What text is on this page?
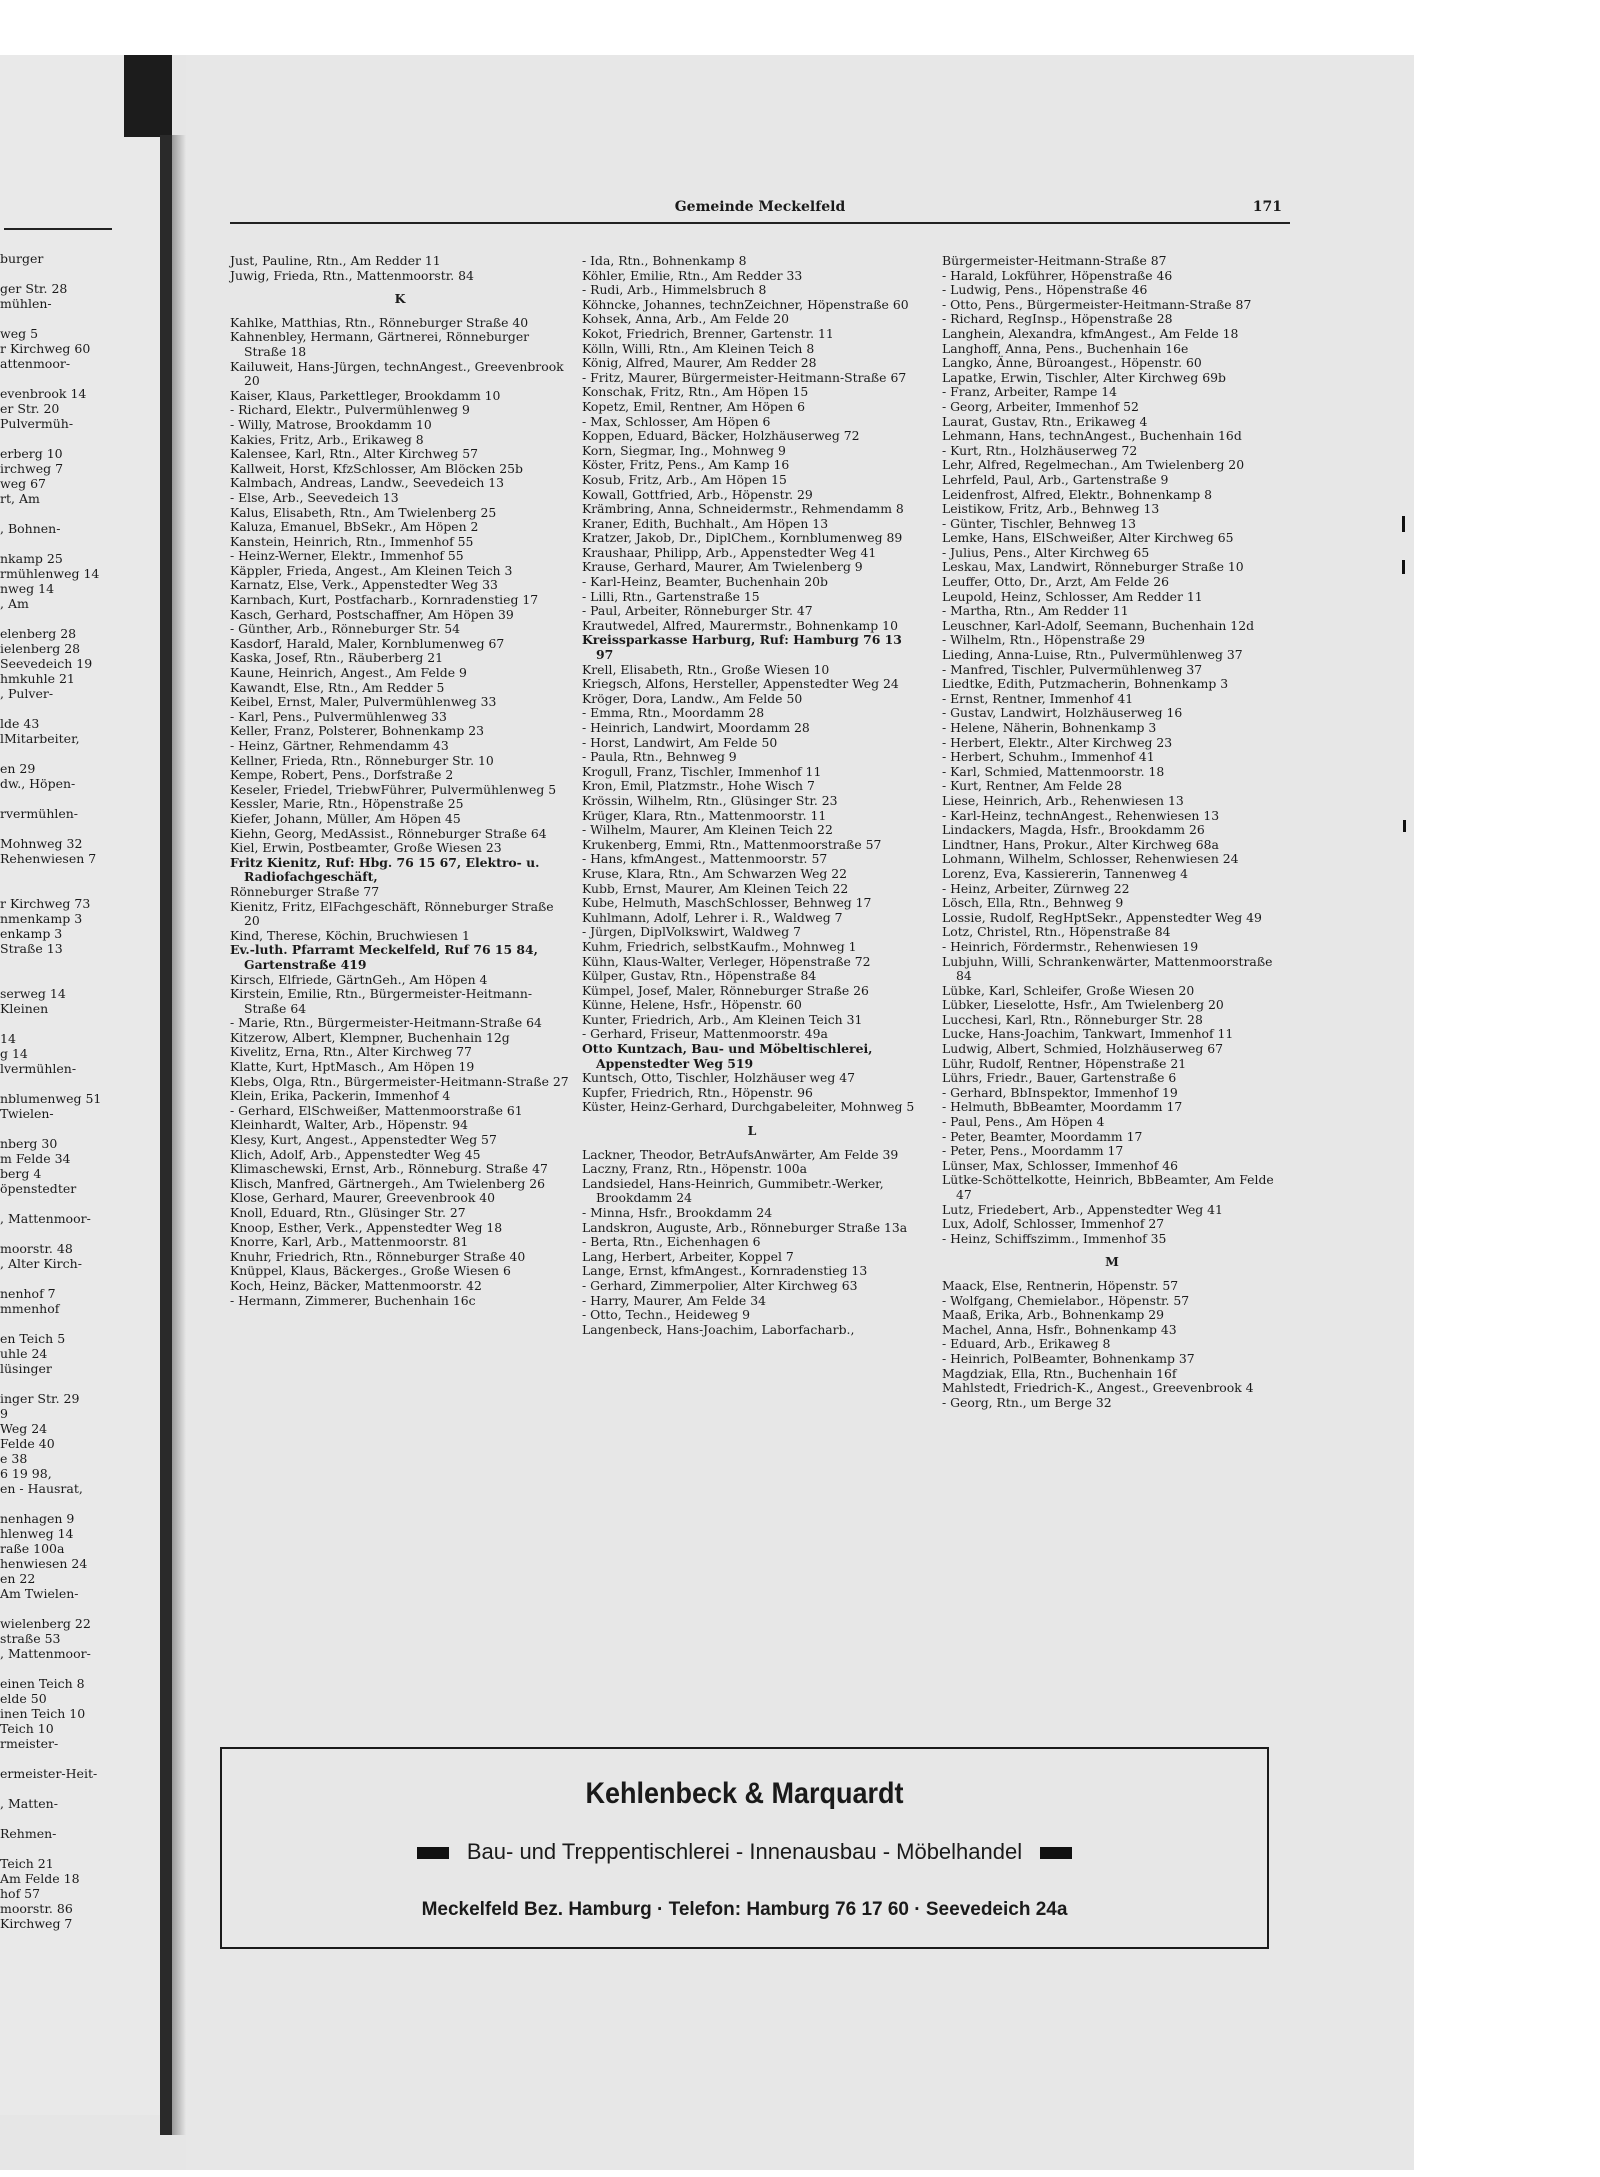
burger
ger Str. 28
mühlen-
weg 5
r Kirchweg 60
attenmoor-
evenbrook 14
er Str. 20
Pulvermüh-
erberg 10
irchweg 7
weg 67
rt, Am
, Bohnen-
nkamp 25
rmühlenweg 14
nweg 14
, Am
elenberg 28
ielenberg 28
Seevedeich 19
hmkuhle 21
, Pulver-
lde 43
lMitarbeiter,
en 29
dw., Höpen-
rvermühlen-
Mohnweg 32
Rehenwiesen 7
r Kirchweg 73
nmenkamp 3
enkamp 3
Straße 13
serweg 14
Kleinen
14
g 14
lvermühlen-
nblumenweg 51
Twielen-
nberg 30
m Felde 34
berg 4
öpenstedter
, Mattenmoor-
moorstr. 48
, Alter Kirch-
nenhof 7
mmenhof
en Teich 5
uhle 24
lüsinger
inger Str. 29
9
Weg 24
Felde 40
e 38
6 19 98,
en - Hausrat,
nenhagen 9
hlenweg 14
raße 100a
henwiesen 24
en 22
Am Twielen-
wielenberg 22
straße 53
, Mattenmoor-
einen Teich 8
elde 50
inen Teich 10
Teich 10
rmeister-
ermeister-Heit-
, Matten-
Rehmen-
Teich 21
Am Felde 18
hof 57
moorstr. 86
Kirchweg 7
Gemeinde Meckelfeld	171
Just, Pauline, Rtn., Am Redder 11
Juwig, Frieda, Rtn., Mattenmoorstr. 84
K
Kahlke, Matthias, Rtn., Rönneburger Straße 40
Kahnenbley, Hermann, Gärtnerei, Rönneburger Straße 18
Kailuweit, Hans-Jürgen, technAngest., Greevenbrook 20
Kaiser, Klaus, Parkettleger, Brookdamm 10
- Richard, Elektr., Pulvermühlenweg 9
- Willy, Matrose, Brookdamm 10
Kakies, Fritz, Arb., Erikaweg 8
Kalensee, Karl, Rtn., Alter Kirchweg 57
Kallweit, Horst, KfzSchlosser, Am Blöcken 25b
Kalmbach, Andreas, Landw., Seevedeich 13
- Else, Arb., Seevedeich 13
Kalus, Elisabeth, Rtn., Am Twielenberg 25
Kaluza, Emanuel, BbSekr., Am Höpen 2
Kanstein, Heinrich, Rtn., Immenhof 55
- Heinz-Werner, Elektr., Immenhof 55
Käppler, Frieda, Angest., Am Kleinen Teich 3
Karnatz, Else, Verk., Appenstedter Weg 33
Karnbach, Kurt, Postfacharb., Kornradenstieg 17
Kasch, Gerhard, Postschaffner, Am Höpen 39
- Günther, Arb., Rönneburger Str. 54
Kasdorf, Harald, Maler, Kornblumenweg 67
Kaska, Josef, Rtn., Räuberberg 21
Kaune, Heinrich, Angest., Am Felde 9
Kawandt, Else, Rtn., Am Redder 5
Keibel, Ernst, Maler, Pulvermühlenweg 33
- Karl, Pens., Pulvermühlenweg 33
Keller, Franz, Polsterer, Bohnenkamp 23
- Heinz, Gärtner, Rehmendamm 43
Kellner, Frieda, Rtn., Rönneburger Str. 10
Kempe, Robert, Pens., Dorfstraße 2
Keseler, Friedel, TriebwFührer, Pulvermühlenweg 5
Kessler, Marie, Rtn., Höpenstraße 25
Kiefer, Johann, Müller, Am Höpen 45
Kiehn, Georg, MedAssist., Rönneburger Straße 64
Kiel, Erwin, Postbeamter, Große Wiesen 23
Fritz Kienitz, Ruf: Hbg. 76 15 67, Elektro- u. Radiofachgeschäft,
Rönneburger Straße 77
Kienitz, Fritz, ElFachgeschäft, Rönneburger Straße 20
Kind, Therese, Köchin, Bruchwiesen 1
Ev.-luth. Pfarramt Meckelfeld, Ruf 76 15 84, Gartenstraße 419
Kirsch, Elfriede, GärtnGeh., Am Höpen 4
Kirstein, Emilie, Rtn., Bürgermeister-Heitmann-Straße 64
- Marie, Rtn., Bürgermeister-Heitmann-Straße 64
Kitzerow, Albert, Klempner, Buchenhain 12g
Kivelitz, Erna, Rtn., Alter Kirchweg 77
Klatte, Kurt, HptMasch., Am Höpen 19
Klebs, Olga, Rtn., Bürgermeister-Heitmann-Straße 27
Klein, Erika, Packerin, Immenhof 4
- Gerhard, ElSchweißer, Mattenmoorstraße 61
Kleinhardt, Walter, Arb., Höpenstr. 94
Klesy, Kurt, Angest., Appenstedter Weg 57
Klich, Adolf, Arb., Appenstedter Weg 45
Klimaschewski, Ernst, Arb., Rönneburg. Straße 47
Klisch, Manfred, Gärtnergeh., Am Twielenberg 26
Klose, Gerhard, Maurer, Greevenbrook 40
Knoll, Eduard, Rtn., Glüsinger Str. 27
Knoop, Esther, Verk., Appenstedter Weg 18
Knorre, Karl, Arb., Mattenmoorstr. 81
Knuhr, Friedrich, Rtn., Rönneburger Straße 40
Knüppel, Klaus, Bäckerges., Große Wiesen 6
Koch, Heinz, Bäcker, Mattenmoorstr. 42
- Hermann, Zimmerer, Buchenhain 16c
- Ida, Rtn., Bohnenkamp 8
Köhler, Emilie, Rtn., Am Redder 33
- Rudi, Arb., Himmelsbruch 8
Köhncke, Johannes, technZeichner, Höpenstraße 60
Kohsek, Anna, Arb., Am Felde 20
Kokot, Friedrich, Brenner, Gartenstr. 11
Kölln, Willi, Rtn., Am Kleinen Teich 8
König, Alfred, Maurer, Am Redder 28
- Fritz, Maurer, Bürgermeister-Heitmann-Straße 67
Konschak, Fritz, Rtn., Am Höpen 15
Kopetz, Emil, Rentner, Am Höpen 6
- Max, Schlosser, Am Höpen 6
Koppen, Eduard, Bäcker, Holzhäuserweg 72
Korn, Siegmar, Ing., Mohnweg 9
Köster, Fritz, Pens., Am Kamp 16
Kosub, Fritz, Arb., Am Höpen 15
Kowall, Gottfried, Arb., Höpenstr. 29
Krämbring, Anna, Schneidermstr., Rehmendamm 8
Kraner, Edith, Buchhalt., Am Höpen 13
Kratzer, Jakob, Dr., DiplChem., Kornblumenweg 89
Kraushaar, Philipp, Arb., Appenstedter Weg 41
Krause, Gerhard, Maurer, Am Twielenberg 9
- Karl-Heinz, Beamter, Buchenhain 20b
- Lilli, Rtn., Gartenstraße 15
- Paul, Arbeiter, Rönneburger Str. 47
Krautwedel, Alfred, Maurermstr., Bohnenkamp 10
Kreissparkasse Harburg, Ruf: Hamburg 76 13 97
Krell, Elisabeth, Rtn., Große Wiesen 10
Kriegsch, Alfons, Hersteller, Appenstedter Weg 24
Kröger, Dora, Landw., Am Felde 50
- Emma, Rtn., Moordamm 28
- Heinrich, Landwirt, Moordamm 28
- Horst, Landwirt, Am Felde 50
- Paula, Rtn., Behnweg 9
Krogull, Franz, Tischler, Immenhof 11
Kron, Emil, Platzmstr., Hohe Wisch 7
Krössin, Wilhelm, Rtn., Glüsinger Str. 23
Krüger, Klara, Rtn., Mattenmoorstr. 11
- Wilhelm, Maurer, Am Kleinen Teich 22
Krukenberg, Emmi, Rtn., Mattenmoorstraße 57
- Hans, kfmAngest., Mattenmoorstr. 57
Kruse, Klara, Rtn., Am Schwarzen Weg 22
Kubb, Ernst, Maurer, Am Kleinen Teich 22
Kube, Helmuth, MaschSchlosser, Behnweg 17
Kuhlmann, Adolf, Lehrer i. R., Waldweg 7
- Jürgen, DiplVolkswirt, Waldweg 7
Kuhm, Friedrich, selbstKaufm., Mohnweg 1
Kühn, Klaus-Walter, Verleger, Höpenstraße 72
Külper, Gustav, Rtn., Höpenstraße 84
Kümpel, Josef, Maler, Rönneburger Straße 26
Künne, Helene, Hsfr., Höpenstr. 60
Kunter, Friedrich, Arb., Am Kleinen Teich 31
- Gerhard, Friseur, Mattenmoorstr. 49a
Otto Kuntzach, Bau- und Möbeltischlerei, Appenstedter Weg 519
Kuntsch, Otto, Tischler, Holzhäuser weg 47
Kupfer, Friedrich, Rtn., Höpenstr. 96
Küster, Heinz-Gerhard, Durchgabeleiter, Mohnweg 5
L
Lackner, Theodor, BetrAufsAnwärter, Am Felde 39
Laczny, Franz, Rtn., Höpenstr. 100a
Landsiedel, Hans-Heinrich, Gummibetr.-Werker, Brookdamm 24
- Minna, Hsfr., Brookdamm 24
Landskron, Auguste, Arb., Rönneburger Straße 13a
- Berta, Rtn., Eichenhagen 6
Lang, Herbert, Arbeiter, Koppel 7
Lange, Ernst, kfmAngest., Kornradenstieg 13
- Gerhard, Zimmerpolier, Alter Kirchweg 63
- Harry, Maurer, Am Felde 34
- Otto, Techn., Heideweg 9
Langenbeck, Hans-Joachim, Laborfacharb.,
Bürgermeister-Heitmann-Straße 87
- Harald, Lokführer, Höpenstraße 46
- Ludwig, Pens., Höpenstraße 46
- Otto, Pens., Bürgermeister-Heitmann-Straße 87
- Richard, RegInsp., Höpenstraße 28
Langhein, Alexandra, kfmAngest., Am Felde 18
Langhoff, Anna, Pens., Buchenhain 16e
Langko, Änne, Büroangest., Höpenstr. 60
Lapatke, Erwin, Tischler, Alter Kirchweg 69b
- Franz, Arbeiter, Rampe 14
- Georg, Arbeiter, Immenhof 52
Laurat, Gustav, Rtn., Erikaweg 4
Lehmann, Hans, technAngest., Buchenhain 16d
- Kurt, Rtn., Holzhäuserweg 72
Lehr, Alfred, Regelmechan., Am Twielenberg 20
Lehrfeld, Paul, Arb., Gartenstraße 9
Leidenfrost, Alfred, Elektr., Bohnenkamp 8
Leistikow, Fritz, Arb., Behnweg 13
- Günter, Tischler, Behnweg 13
Lemke, Hans, ElSchweißer, Alter Kirchweg 65
- Julius, Pens., Alter Kirchweg 65
Leskau, Max, Landwirt, Rönneburger Straße 10
Leuffer, Otto, Dr., Arzt, Am Felde 26
Leupold, Heinz, Schlosser, Am Redder 11
- Martha, Rtn., Am Redder 11
Leuschner, Karl-Adolf, Seemann, Buchenhain 12d
- Wilhelm, Rtn., Höpenstraße 29
Lieding, Anna-Luise, Rtn., Pulvermühlenweg 37
- Manfred, Tischler, Pulvermühlenweg 37
Liedtke, Edith, Putzmacherin, Bohnenkamp 3
- Ernst, Rentner, Immenhof 41
- Gustav, Landwirt, Holzhäuserweg 16
- Helene, Näherin, Bohnenkamp 3
- Herbert, Elektr., Alter Kirchweg 23
- Herbert, Schuhm., Immenhof 41
- Karl, Schmied, Mattenmoorstr. 18
- Kurt, Rentner, Am Felde 28
Liese, Heinrich, Arb., Rehenwiesen 13
- Karl-Heinz, technAngest., Rehenwiesen 13
Lindackers, Magda, Hsfr., Brookdamm 26
Lindtner, Hans, Prokur., Alter Kirchweg 68a
Lohmann, Wilhelm, Schlosser, Rehenwiesen 24
Lorenz, Eva, Kassiererin, Tannenweg 4
- Heinz, Arbeiter, Zürnweg 22
Lösch, Ella, Rtn., Behnweg 9
Lossie, Rudolf, RegHptSekr., Appenstedter Weg 49
Lotz, Christel, Rtn., Höpenstraße 84
- Heinrich, Fördermstr., Rehenwiesen 19
Lubjuhn, Willi, Schrankenwärter, Mattenmoorstraße 84
Lübke, Karl, Schleifer, Große Wiesen 20
Lübker, Lieselotte, Hsfr., Am Twielenberg 20
Lucchesi, Karl, Rtn., Rönneburger Str. 28
Lucke, Hans-Joachim, Tankwart, Immenhof 11
Ludwig, Albert, Schmied, Holzhäuserweg 67
Lühr, Rudolf, Rentner, Höpenstraße 21
Lührs, Friedr., Bauer, Gartenstraße 6
- Gerhard, BbInspektor, Immenhof 19
- Helmuth, BbBeamter, Moordamm 17
- Paul, Pens., Am Höpen 4
- Peter, Beamter, Moordamm 17
- Peter, Pens., Moordamm 17
Lünser, Max, Schlosser, Immenhof 46
Lütke-Schöttelkotte, Heinrich, BbBeamter, Am Felde 47
Lutz, Friedebert, Arb., Appenstedter Weg 41
Lux, Adolf, Schlosser, Immenhof 27
- Heinz, Schiffszimm., Immenhof 35
M
Maack, Else, Rentnerin, Höpenstr. 57
- Wolfgang, Chemielabor., Höpenstr. 57
Maaß, Erika, Arb., Bohnenkamp 29
Machel, Anna, Hsfr., Bohnenkamp 43
- Eduard, Arb., Erikaweg 8
- Heinrich, PolBeamter, Bohnenkamp 37
Magdziak, Ella, Rtn., Buchenhain 16f
Mahlstedt, Friedrich-K., Angest., Greevenbrook 4
- Georg, Rtn., um Berge 32
Kehlenbeck & Marquardt
Bau- und Treppentischlerei - Innenausbau - Möbelhandel
Meckelfeld Bez. Hamburg · Telefon: Hamburg 76 17 60 · Seevedeich 24a
